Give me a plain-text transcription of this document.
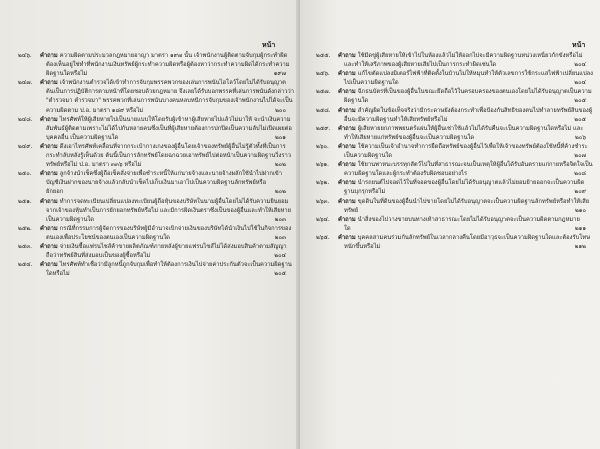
หน้า
๒๔๖. คำถาม ความผิดตามประมวลกฎหมายอาญา มาตรา ๑๙๗ นั้น เจ้าพนักงานผู้ติดตามจับกุมผู้กระทำผิดต้องเห็นอยู่ใช่ทำที่พนักงานเงินทรัพย์ผู้กระทำความผิดหรือผู้ต้องหาว่ากระทำความผิดได้กระทำความผิดฐานใดหรือไม่	๑๙๗
๒๔๗. คำถาม เจ้าพนักงานตำรวจได้เข้าทำการจับกุมพรรคพวกของเล่นการพนันไฮโลว์โดยไม่ได้รับอนุญาต ต้นเป็นการปฏิบัติการตามหน้าที่โดยชอบด้วยกฎหมาย จึงเลยได้รับบอกพรรคที่เล่นการพนันดังกล่าวว่า "ตำรวจมา ตำรวจมา" พรรคพวกที่เล่นการพนันบางคนหลบหนีการจับกุมของเจ้าพนักงานไปได้จะเป็นความผิดตาม ป.อ. มาตรา ๑๘๙ หรือไม่	๒๐๐
๒๔๘. คำถาม ไทรศัพท์ให้ผู้เสียหายไปเป็นนายแบบให้โดยรับผู้เข้าหาผู้เสียหายไปแล้วไม่มาให้ จะนำเงินความสัมพันธ์ผู้ติดตามเพราะไม่ได้ไปกันหลายคนซึ่งเป็นที่ผู้เสียหายต้องการปกปิดเป็นความลับไม่เปิดเผยต่อบุคคลอื่น เป็นความผิดฐานใด	๒๐๑
๒๔๙. คำถาม ดึงเอาไทรศัพท์เคลื่อนที่จากกระเป๋ากางเกงของผู้อื่นโดยเจ้าของทรัพย์ผู้อื่นไม่รู้ตัวทั้งที่เป็นการกระทำลับหลังรู้เห็นด้วย ต้นนี้เป็นการลักทรัพย์โดยฉกฉวยเอาทรัพย์ไปต่อหน้าเป็นความผิดฐานวิ่งราวทรัพย์หรือไม่ ป.อ. มาตรา ๓๓๖ หรือไม่	๒๐๒
๒๕๐. คำถาม ลูกจ้างนำเช็คซึ่งผู้ถือเช็คสั่งจ่ายเพื่อชำระหนี้ให้แก่นายจ้างและนายจ้างผลักใช้นำไปฝากเข้าบัญชีเงินฝากของนายจ้างแล้วกลับนำเช็คไปเก็บเงินมาเอาไปเป็นความผิดฐานลักทรัพย์หรือยักยอก	๒๐๒
๒๕๑. คำถาม ทำการจดทะเบียนเปลี่ยนแปลงทะเบียนผู้ถือหุ้นของบริษัทในนามผู้อื่นโดยไม่ได้รับความยินยอมจากเจ้าของหุ้นทำเป็นการยักยอกทรัพย์หรือไม่ และมีการผิดเงินตราซึ่งเป็นของผู้อื่นและทำให้เสียหายเป็นความผิดฐานใด	๒๐๓
๒๕๒. คำถาม กรณีที่กรรมการผู้จัดการของบริษัทผู้มีอำนาจเบิกจ่ายเงินของบริษัทได้นำเงินไปใช้ในกิจการของตนเองเพื่อประโยชน์ของตนเองเป็นความผิดฐานใด	๒๐๓
๒๕๓. คำถาม จ่ายเงินซื้อแฟรนไชส์ค้าขายผลิตภัณฑ์ภายหลังผู้ขายแฟรนไชส์ไม่ได้ส่งมอบสินค้าตามสัญญาถือว่าทรัพย์สินที่ส่งมอบเป็นของผู้ซื้อหรือไม่	๒๐๔
๒๕๔. คำถาม ไทรศัพท์ทำเชื่อว่ามีลูกหนี้ถูกจับกุมเพื่อทำให้ต้องการเงินไปจ่ายค่าประกันตัวจะเป็นความผิดฐานใดหรือไม่	๒๐๕
หน้า
๒๕๕. คำถาม ใช้มีดขู่ผู้เสียหายให้เข้าไปในห้องแล้วไม่ให้ออกไปจะมีความผิดฐานหน่วงเหนี่ยวกักขังหรือไม่ และทำให้เสรีภาพของผู้เสียหายเสียไปเป็นการกระทำผิดเช่นใด	๒๐๔
๒๕๖. คำถาม แก้ไขตัดแปลงมิเตอร์ไฟฟ้าที่ติดตั้งในบ้านไม่ให้หมุนทำให้ตัวเลขการใช้กระแสไฟฟ้าเปลี่ยนแปลงไปเป็นความผิดฐานใด	๒๐๔
๒๕๗. คำถาม ฉีกธนบัตรที่เป็นของผู้อื่นในขณะยึดถือไว้ในครอบครองของตนเองโดยไม่ได้รับอนุญาตเป็นความผิดฐานใด	๒๐๕
๒๕๘. คำถาม สำคัญผิดในข้อเท็จจริงว่ามีกระดาษยังต้องกระทำเพื่อป้องกันสิทธิของตนไปทำลายทรัพย์สินของผู้อื่นจะมีความผิดฐานทำให้เสียทรัพย์หรือไม่	๒๐๕
๒๕๙. คำถาม ผู้เสียหายยกภาพพยนตร์แผ่นให้ผู้อื่นเช่าใช้แล้วไม่ได้รับคืนจะเป็นความผิดฐานใดหรือไม่ และทำให้เสียหายแก่ทรัพย์ของผู้อื่นจะเป็นความผิดฐานใด	๒๐๖
๒๖๐. คำถาม ใช้ความเป็นเจ้าอำนาจทำการยืดถือทรัพย์ของผู้อื่นไว้เพื่อให้เจ้าของทรัพย์ต้องใช้หนี้ที่ค้างชำระเป็นความผิดฐานใด	๒๐๗
๒๖๑. คำถาม ใช้ยานพาหนะบรรทุกสัตว์ไปในที่สาธารณะจนเป็นเหตุให้ผู้อื่นได้รับอันตรายแก่กายหรือจิตใจเป็นความผิดฐานใดและผู้กระทำต้องรับผิดชอบอย่างไร	๒๐๘
๒๖๒. คำถาม นำรถยนต์ไปจอดไว้ในที่จอดของผู้อื่นโดยไม่ได้รับอนุญาตแล้วไม่ยอมย้ายออกจะเป็นความผิดฐานบุกรุกหรือไม่	๒๐๙
๒๖๓. คำถาม ขุดดินในที่ดินของผู้อื่นนำไปขายโดยไม่ได้รับอนุญาตจะเป็นความผิดฐานลักทรัพย์หรือทำให้เสียทรัพย์	๒๑๐
๒๖๔. คำถาม นำสิ่งของไปวางขายบนทางเท้าสาธารณะโดยไม่ได้รับอนุญาตจะเป็นความผิดตามกฎหมายใด	๒๑๑
๒๖๕. คำถาม บุคคลสามคนร่วมกันลักทรัพย์ในเวลากลางคืนโดยมีอาวุธจะเป็นความผิดฐานใดและต้องรับโทษหนักขึ้นหรือไม่	๒๑๒
